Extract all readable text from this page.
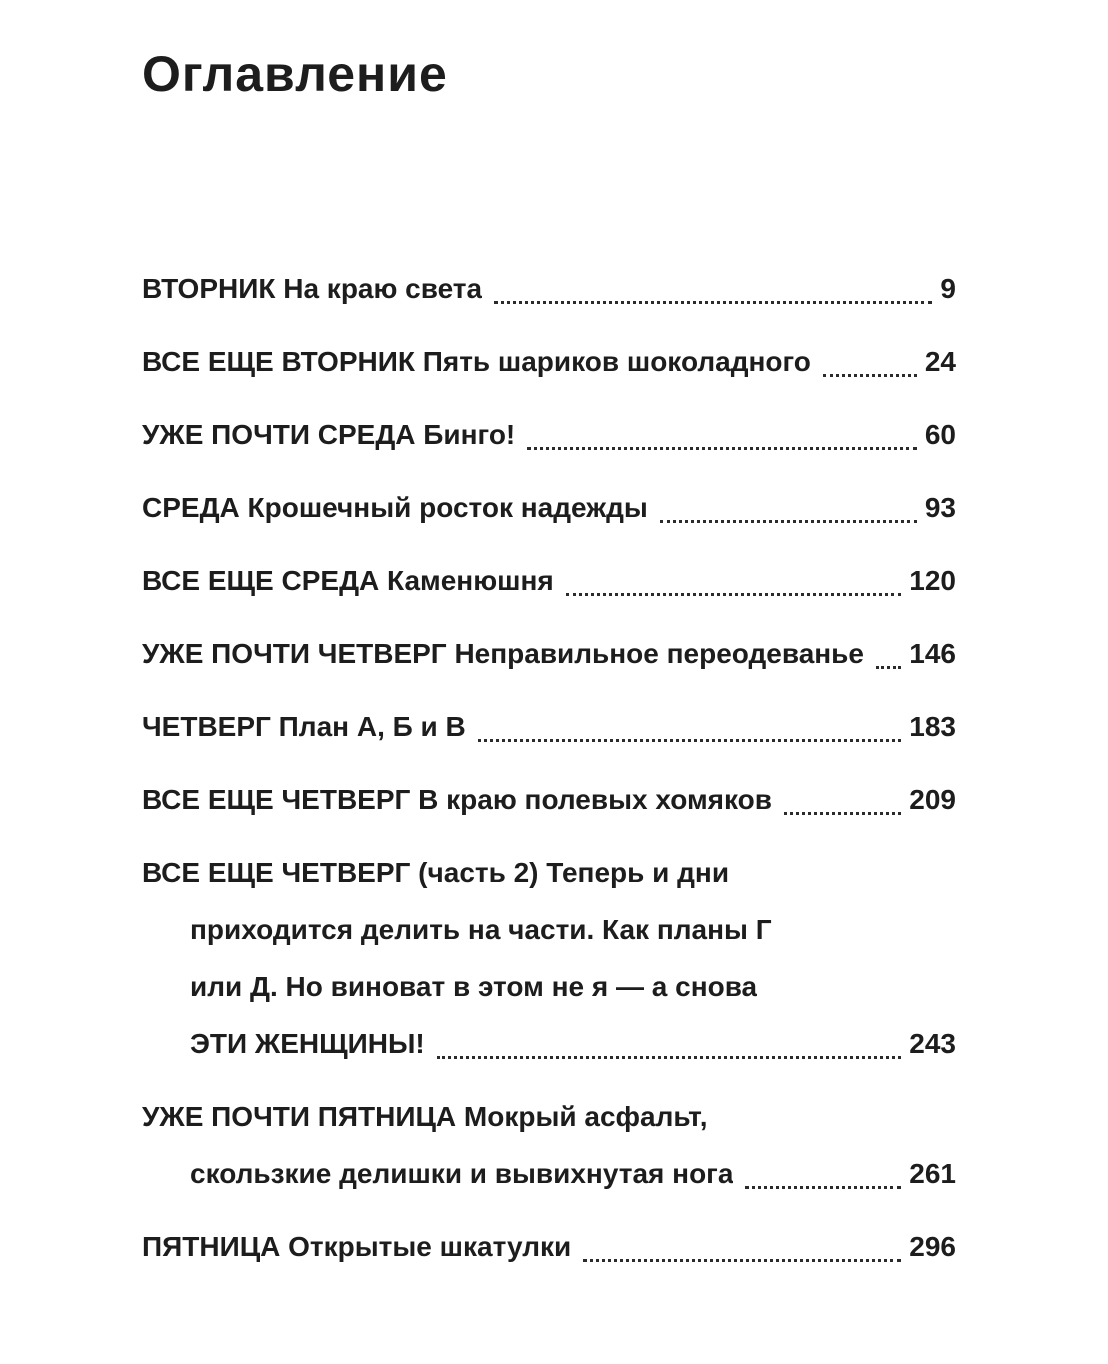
Оглавление
ВТОРНИК На краю света	9
ВСЕ ЕЩЕ ВТОРНИК Пять шариков шоколадного	24
УЖЕ ПОЧТИ СРЕДА Бинго!	60
СРЕДА Крошечный росток надежды	93
ВСЕ ЕЩЕ СРЕДА Каменюшня	120
УЖЕ ПОЧТИ ЧЕТВЕРГ Неправильное переодеванье 146
ЧЕТВЕРГ План А, Б и В	183
ВСЕ ЕЩЕ ЧЕТВЕРГ В краю полевых хомяков	209
ВСЕ ЕЩЕ ЧЕТВЕРГ (часть 2) Теперь и дни
приходится делить на части. Как планы Г
или Д. Но виноват в этом не я — а снова
ЭТИ ЖЕНЩИНЫ!	243
УЖЕ ПОЧТИ ПЯТНИЦА Мокрый асфальт,
скользкие делишки и вывихнутая нога	261
ПЯТНИЦА Открытые шкатулки	296
